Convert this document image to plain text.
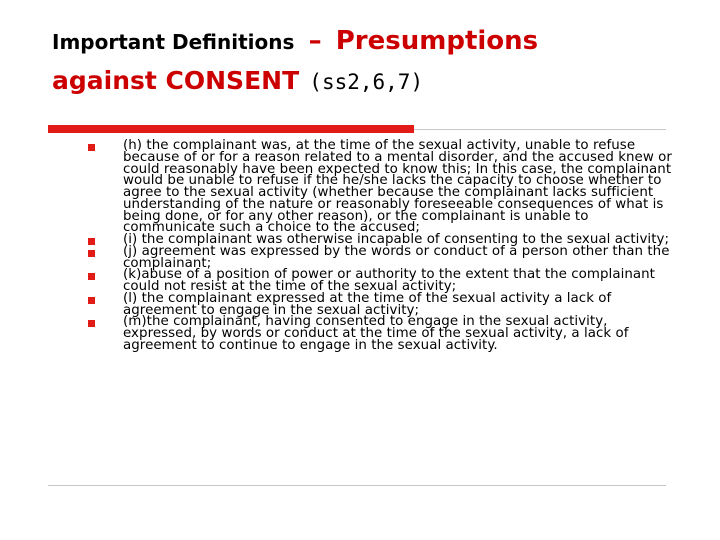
Important Definitions – Presumptions
against CONSENT (ss2,6,7)
(h) the complainant was, at the time of the sexual activity, unable to refuse because of or for a reason related to a mental disorder, and the accused knew or could reasonably have been expected to know this; In this case, the complainant would be unable to refuse if the he/she lacks the capacity to choose whether to agree to the sexual activity (whether because the complainant lacks sufficient understanding of the nature or reasonably foreseeable consequences of what is being done, or for any other reason), or the complainant is unable to communicate such a choice to the accused;
(i) the complainant was otherwise incapable of consenting to the sexual activity;
(j) agreement was expressed by the words or conduct of a person other than the complainant;
(k)abuse of a position of power or authority to the extent that the complainant could not resist at the time of the sexual activity;
(l) the complainant expressed at the time of the sexual activity a lack of agreement to engage in the sexual activity;
(m)the complainant, having consented to engage in the sexual activity, expressed, by words or conduct at the time of the sexual activity, a lack of agreement to continue to engage in the sexual activity.
